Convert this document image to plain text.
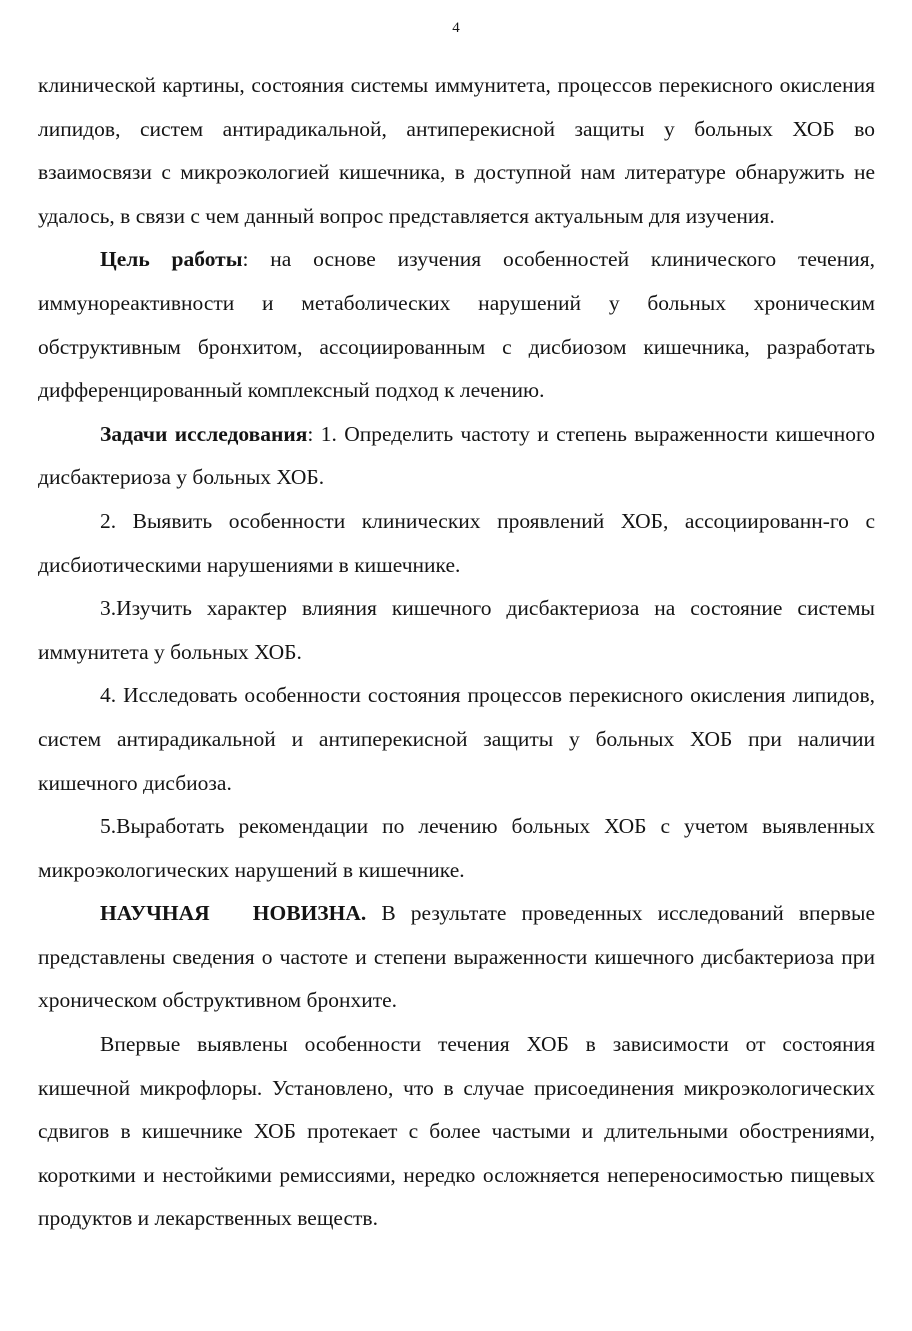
4

клинической картины, состояния системы иммунитета, процессов перекисного окисления липидов, систем антирадикальной, антиперекисной защиты у больных ХОБ во взаимосвязи с микроэкологией кишечника, в доступной нам литературе обнаружить не удалось, в связи с чем данный вопрос представляется актуальным для изучения.

Цель работы: на основе изучения особенностей клинического течения, иммунореактивности и метаболических нарушений у больных хроническим обструктивным бронхитом, ассоциированным с дисбиозом кишечника, разработать дифференцированный комплексный подход к лечению.

Задачи исследования: 1. Определить частоту и степень выраженности кишечного дисбактериоза у больных ХОБ.

2. Выявить особенности клинических проявлений ХОБ, ассоциированн-го с дисбиотическими нарушениями в кишечнике.

3.Изучить характер влияния кишечного дисбактериоза на состояние системы иммунитета у больных ХОБ.

4. Исследовать особенности состояния процессов перекисного окисления липидов, систем антирадикальной и антиперекисной защиты у больных ХОБ при наличии кишечного дисбиоза.

5.Выработать рекомендации по лечению больных ХОБ с учетом выявленных микроэкологических нарушений в кишечнике.

НАУЧНАЯ НОВИЗНА. В результате проведенных исследований впервые представлены сведения о частоте и степени выраженности кишечного дисбактериоза при хроническом обструктивном бронхите.

Впервые выявлены особенности течения ХОБ в зависимости от состояния кишечной микрофлоры. Установлено, что в случае присоединения микроэкологических сдвигов в кишечнике ХОБ протекает с более частыми и длительными обострениями, короткими и нестойкими ремиссиями, нередко осложняется непереносимостью пищевых продуктов и лекарственных веществ.
